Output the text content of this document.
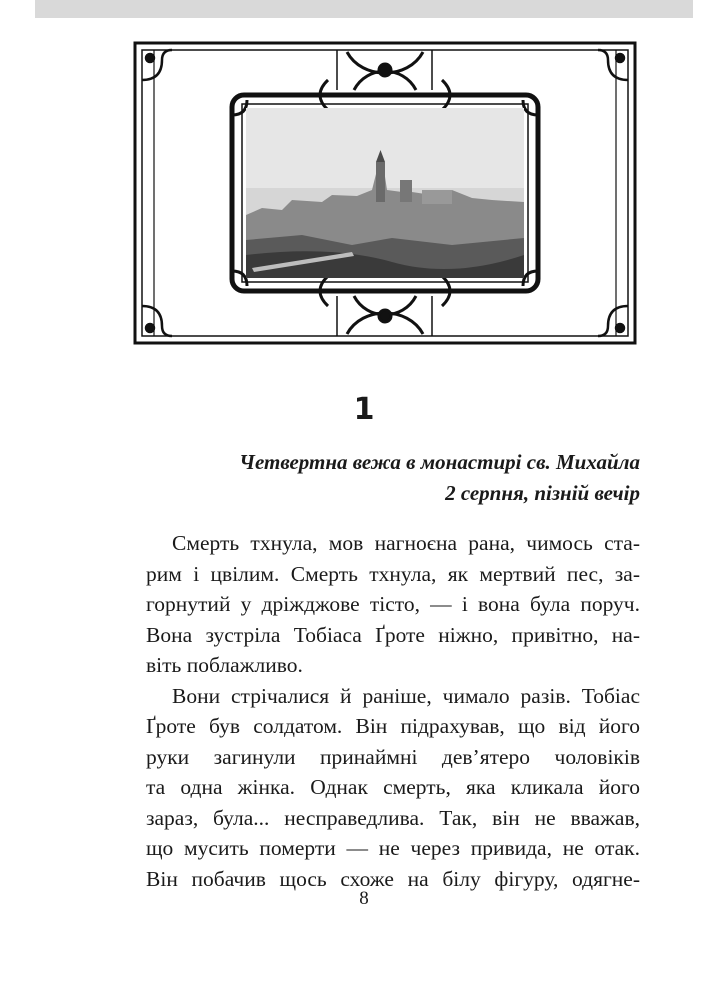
1
Четвертна вежа в монастирі св. Михайла
2 серпня, пізній вечір
Смерть тхнула, мов нагноєна рана, чимось ста-
рим і цвілим. Смерть тхнула, як мертвий пес, за-
горнутий у дріжджове тісто, — і вона була поруч.
Вона зустріла Тобіаса Ґроте ніжно, привітно, на-
віть поблажливо.
Вони стрічалися й раніше, чимало разів. Тобіас
Ґроте був солдатом. Він підрахував, що від його
руки загинули принаймні дев’ятеро чоловіків
та одна жінка. Однак смерть, яка кликала його
зараз, була... несправедлива. Так, він не вважав,
що мусить померти — не через привида, не отак.
Він побачив щось схоже на білу фігуру, одягне-
8
